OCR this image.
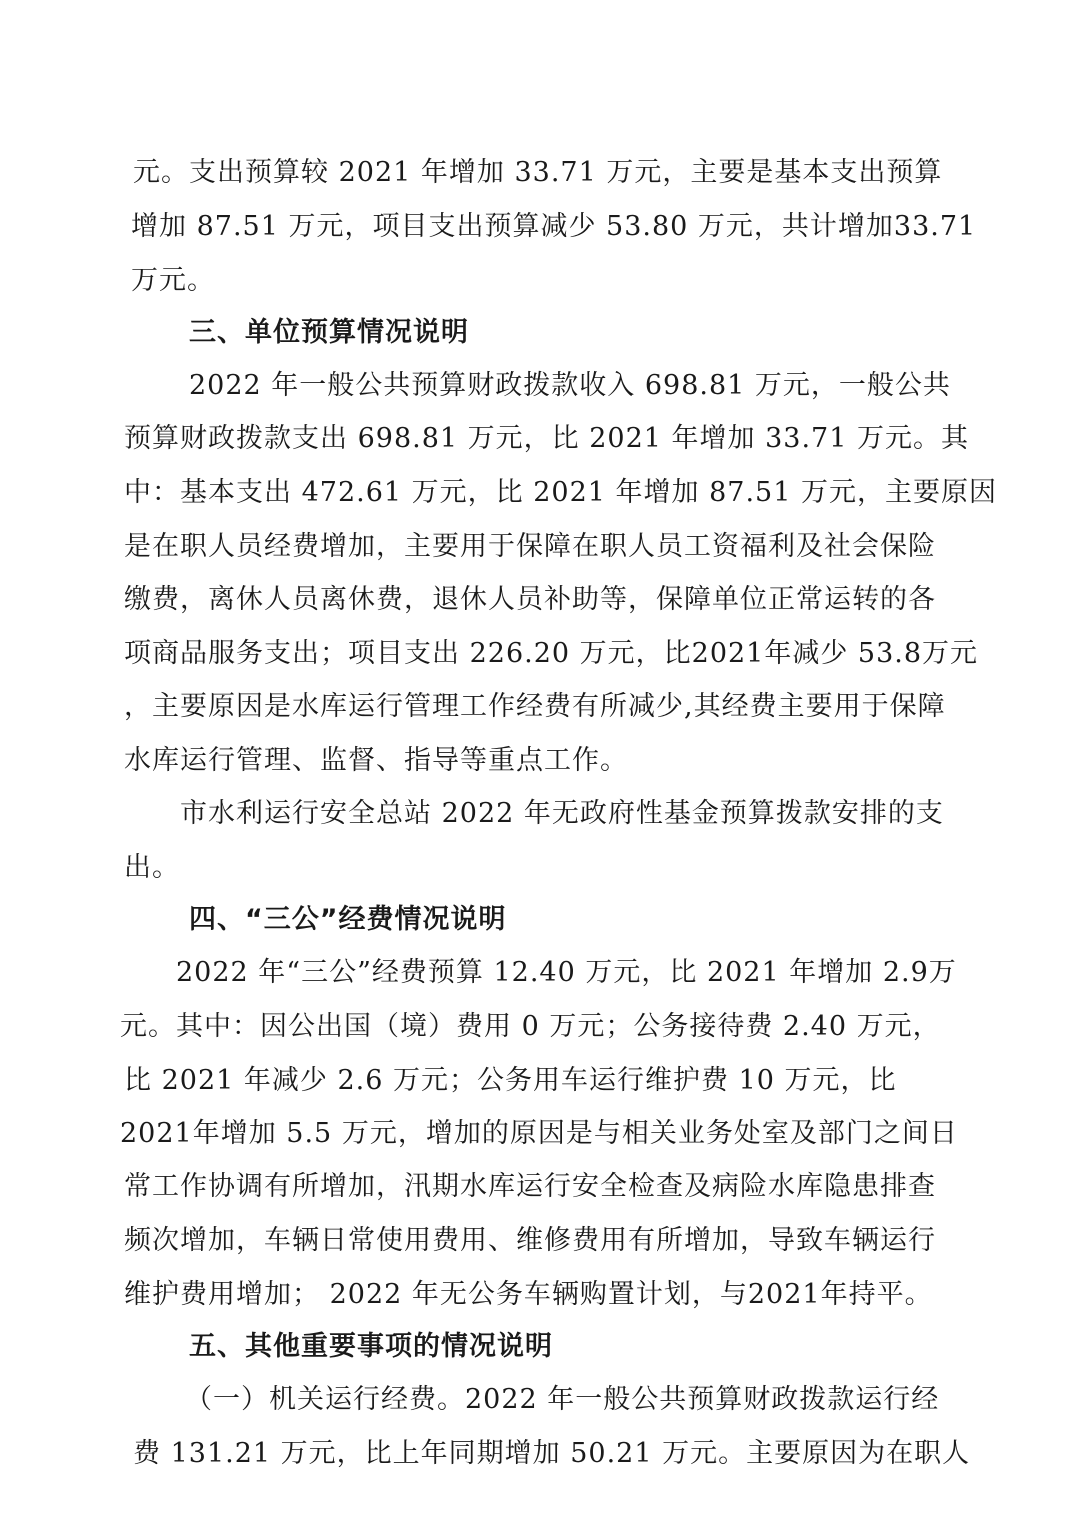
元。支出预算较 2021 年增加 33.71 万元，主要是基本支出预算
增加 87.51 万元，项目支出预算减少 53.80 万元，共计增加33.71
万元。
三、单位预算情况说明
2022 年一般公共预算财政拨款收入 698.81 万元，一般公共
预算财政拨款支出 698.81 万元，比 2021 年增加 33.71 万元。其
中：基本支出 472.61 万元，比 2021 年增加 87.51 万元，主要原因
是在职人员经费增加，主要用于保障在职人员工资福利及社会保险
缴费，离休人员离休费，退休人员补助等，保障单位正常运转的各
项商品服务支出；项目支出 226.20 万元，比2021年减少 53.8万元
，主要原因是水库运行管理工作经费有所减少,其经费主要用于保障
水库运行管理、监督、指导等重点工作。
市水利运行安全总站 2022 年无政府性基金预算拨款安排的支
出。
四、“三公”经费情况说明
2022 年“三公”经费预算 12.40 万元，比 2021 年增加 2.9万
元。其中：因公出国（境）费用 0 万元；公务接待费 2.40 万元，
比 2021 年减少 2.6 万元；公务用车运行维护费 10 万元，比
2021年增加 5.5 万元，增加的原因是与相关业务处室及部门之间日
常工作协调有所增加，汛期水库运行安全检查及病险水库隐患排查
频次增加，车辆日常使用费用、维修费用有所增加，导致车辆运行
维护费用增加； 2022 年无公务车辆购置计划，与2021年持平。
五、其他重要事项的情况说明
（一）机关运行经费。2022 年一般公共预算财政拨款运行经
费 131.21 万元，比上年同期增加 50.21 万元。主要原因为在职人
